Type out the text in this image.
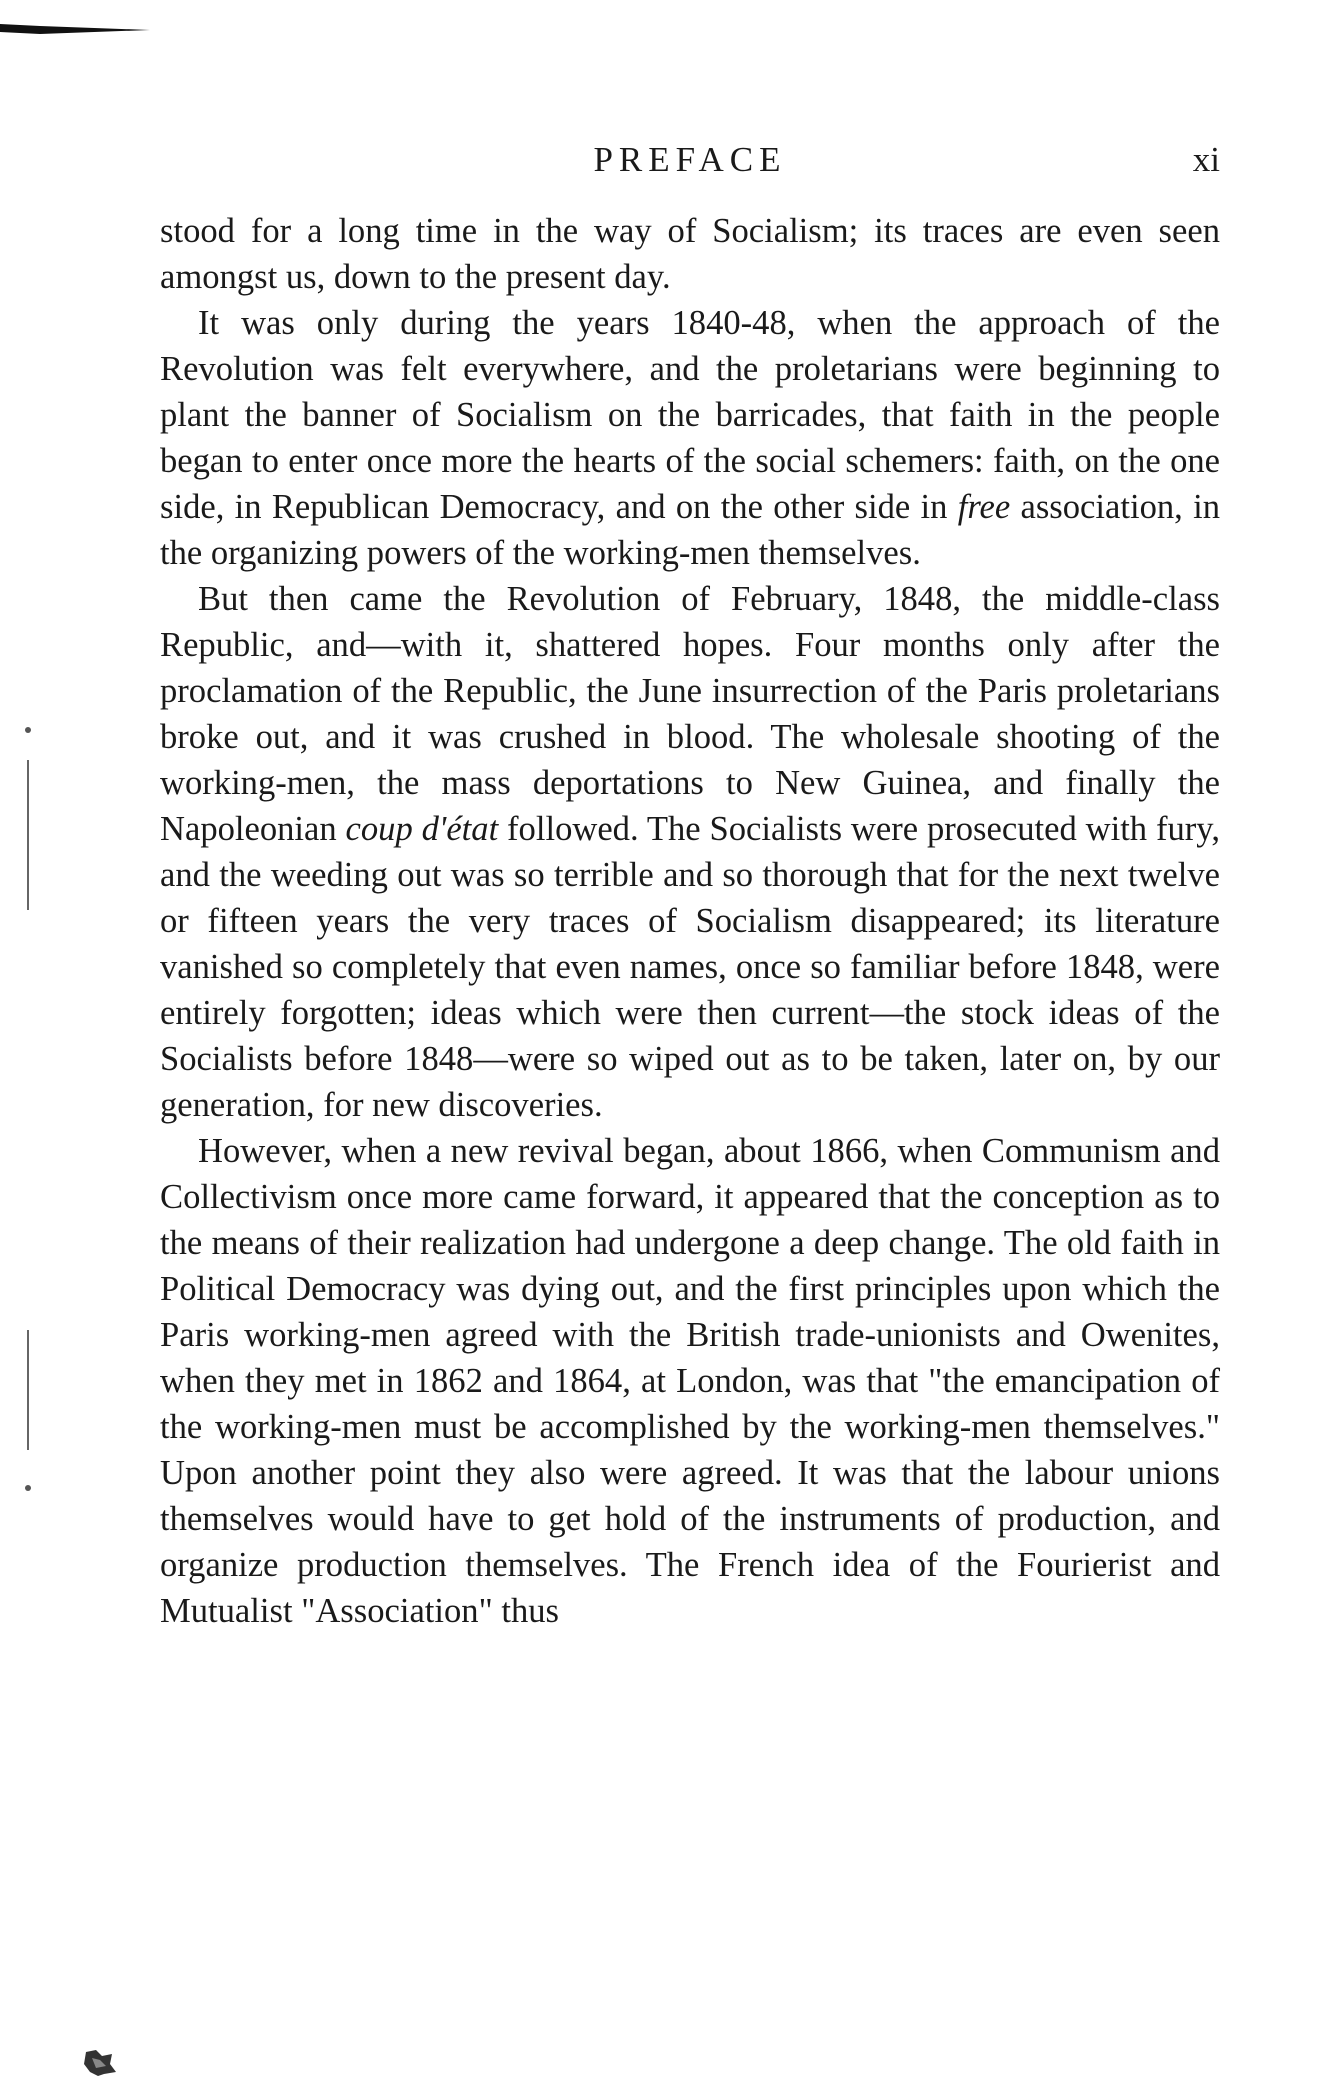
PREFACE	xi

stood for a long time in the way of Socialism; its traces are even seen amongst us, down to the present day.

It was only during the years 1840-48, when the approach of the Revolution was felt everywhere, and the proletarians were beginning to plant the banner of Socialism on the barricades, that faith in the people began to enter once more the hearts of the social schemers: faith, on the one side, in Republican Democracy, and on the other side in free association, in the organizing powers of the working-men themselves.

But then came the Revolution of February, 1848, the middle-class Republic, and—with it, shattered hopes. Four months only after the proclamation of the Republic, the June insurrection of the Paris proletarians broke out, and it was crushed in blood. The wholesale shooting of the working-men, the mass deportations to New Guinea, and finally the Napoleonian coup d'état followed. The Socialists were prosecuted with fury, and the weeding out was so terrible and so thorough that for the next twelve or fifteen years the very traces of Socialism disappeared; its literature vanished so completely that even names, once so familiar before 1848, were entirely forgotten; ideas which were then current—the stock ideas of the Socialists before 1848—were so wiped out as to be taken, later on, by our generation, for new discoveries.

However, when a new revival began, about 1866, when Communism and Collectivism once more came forward, it appeared that the conception as to the means of their realization had undergone a deep change. The old faith in Political Democracy was dying out, and the first principles upon which the Paris working-men agreed with the British trade-unionists and Owenites, when they met in 1862 and 1864, at London, was that "the emancipation of the working-men must be accomplished by the working-men themselves." Upon another point they also were agreed. It was that the labour unions themselves would have to get hold of the instruments of production, and organize production themselves. The French idea of the Fourierist and Mutualist "Association" thus
